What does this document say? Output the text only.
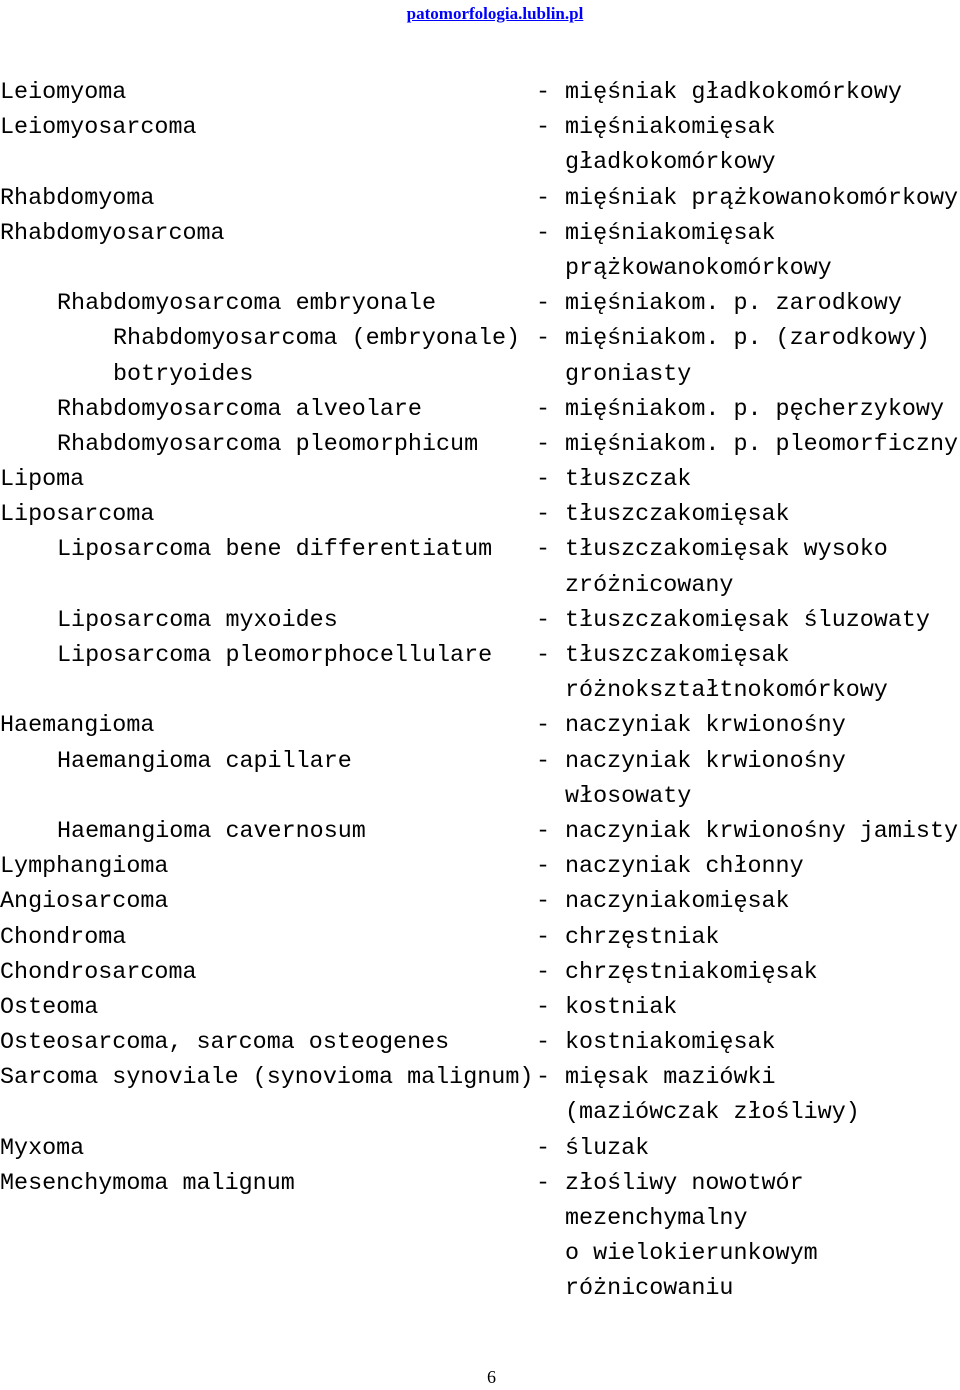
patomorfologia.lublin.pl
Leiomyoma	- mięśniak gładkokomórkowy
Leiomyosarcoma	- mięśniakomięsak
gładkokomórkowy
Rhabdomyoma	- mięśniak prążkowanokomórkowy
Rhabdomyosarcoma	- mięśniakomięsak
prążkowanokomórkowy
Rhabdomyosarcoma embryonale	- mięśniakom. p. zarodkowy
Rhabdomyosarcoma (embryonale) - mięśniakom. p. (zarodkowy)
botryoides	groniasty
Rhabdomyosarcoma alveolare	- mięśniakom. p. pęcherzykowy
Rhabdomyosarcoma pleomorphicum - mięśniakom. p. pleomorficzny
Lipoma	- tłuszczak
Liposarcoma	- tłuszczakomięsak
Liposarcoma bene differentiatum - tłuszczakomięsak wysoko
zróżnicowany
Liposarcoma myxoides	- tłuszczakomięsak śluzowaty
Liposarcoma pleomorphocellulare - tłuszczakomięsak
różnokształtnokomórkowy
Haemangioma	- naczyniak krwionośny
Haemangioma capillare	- naczyniak krwionośny
włosowaty
Haemangioma cavernosum	- naczyniak krwionośny jamisty
Lymphangioma	- naczyniak chłonny
Angiosarcoma	- naczyniakomięsak
Chondroma	- chrzęstniak
Chondrosarcoma	- chrzęstniakomięsak
Osteoma	- kostniak
Osteosarcoma, sarcoma osteogenes	- kostniakomięsak
Sarcoma synoviale (synovioma malignum) - mięsak maziówki
(maziówczak złośliwy)
Myxoma	- śluzak
Mesenchymoma malignum	- złośliwy nowotwór
mezenchymalny
o wielokierunkowym
różnicowaniu
6
